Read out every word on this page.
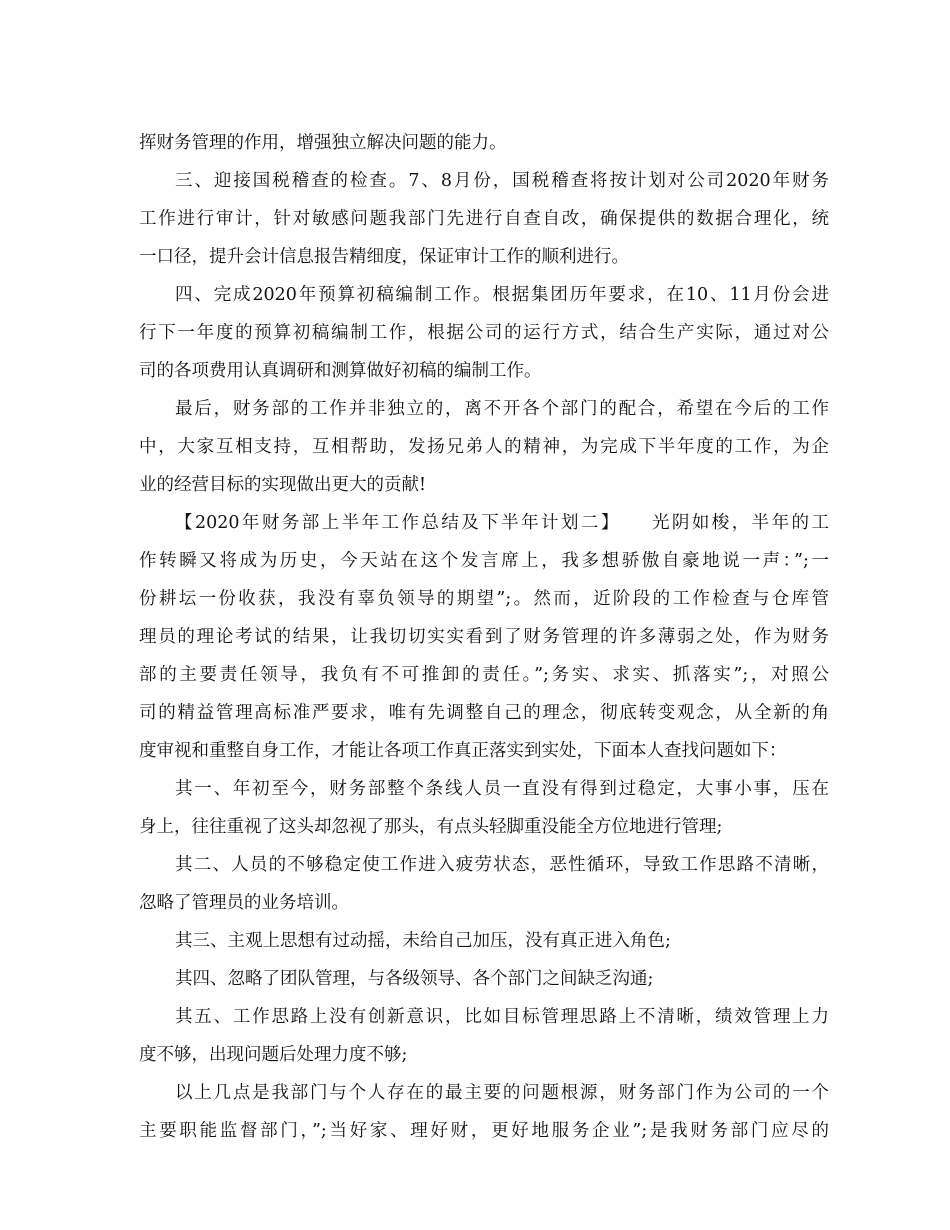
挥财务管理的作用，增强独立解决问题的能力。
三、迎接国税稽查的检查。7、8月份，国税稽查将按计划对公司2020年财务
工作进行审计，针对敏感问题我部门先进行自查自改，确保提供的数据合理化，统
一口径，提升会计信息报告精细度，保证审计工作的顺利进行。
四、完成2020年预算初稿编制工作。根据集团历年要求，在10、11月份会进
行下一年度的预算初稿编制工作，根据公司的运行方式，结合生产实际，通过对公
司的各项费用认真调研和测算做好初稿的编制工作。
最后，财务部的工作并非独立的，离不开各个部门的配合，希望在今后的工作
中，大家互相支持，互相帮助，发扬兄弟人的精神，为完成下半年度的工作，为企
业的经营目标的实现做出更大的贡献!
【2020年财务部上半年工作总结及下半年计划二】　　光阴如梭，半年的工
作转瞬又将成为历史，今天站在这个发言席上，我多想骄傲自豪地说一声：”;一
份耕坛一份收获，我没有辜负领导的期望”;。然而，近阶段的工作检查与仓库管
理员的理论考试的结果，让我切切实实看到了财务管理的许多薄弱之处，作为财务
部的主要责任领导，我负有不可推卸的责任。”;务实、求实、抓落实”;，对照公
司的精益管理高标准严要求，唯有先调整自己的理念，彻底转变观念，从全新的角
度审视和重整自身工作，才能让各项工作真正落实到实处，下面本人查找问题如下：
其一、年初至今，财务部整个条线人员一直没有得到过稳定，大事小事，压在
身上，往往重视了这头却忽视了那头，有点头轻脚重没能全方位地进行管理;
其二、人员的不够稳定使工作进入疲劳状态，恶性循环，导致工作思路不清晰，
忽略了管理员的业务培训。
其三、主观上思想有过动摇，未给自己加压，没有真正进入角色;
其四、忽略了团队管理，与各级领导、各个部门之间缺乏沟通;
其五、工作思路上没有创新意识，比如目标管理思路上不清晰，绩效管理上力
度不够，出现问题后处理力度不够;
以上几点是我部门与个人存在的最主要的问题根源，财务部门作为公司的一个
主要职能监督部门，”;当好家、理好财，更好地服务企业”;是我财务部门应尽的
